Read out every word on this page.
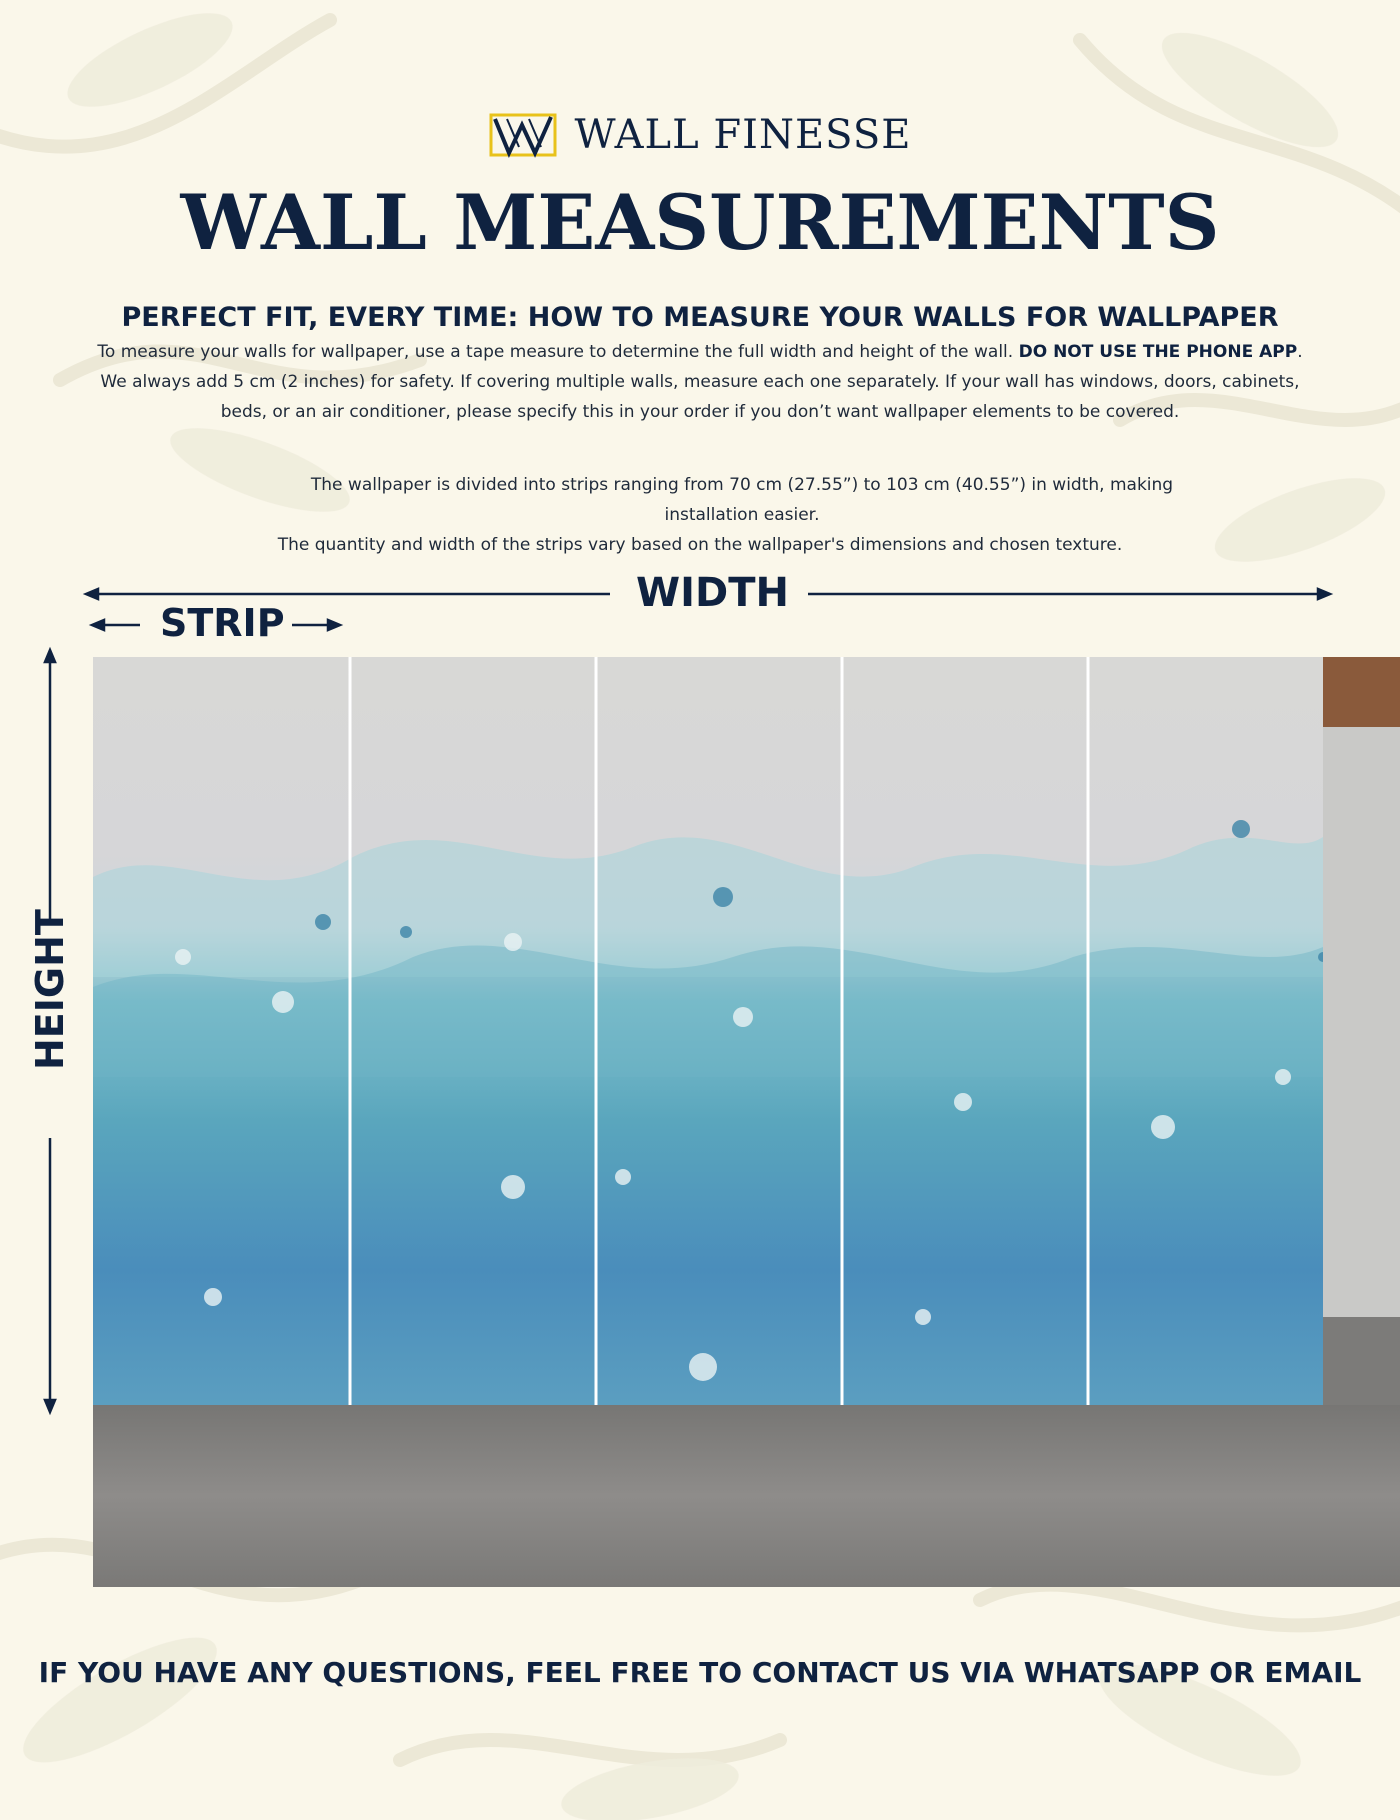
WALL FINESSE
WALL MEASUREMENTS
PERFECT FIT, EVERY TIME: HOW TO MEASURE YOUR WALLS FOR WALLPAPER
To measure your walls for wallpaper, use a tape measure to determine the full width and height of the wall. DO NOT USE THE PHONE APP. We always add 5 cm (2 inches) for safety. If covering multiple walls, measure each one separately. If your wall has windows, doors, cabinets, beds, or an air conditioner, please specify this in your order if you don’t want wallpaper elements to be covered.
The wallpaper is divided into strips ranging from 70 cm (27.55”) to 103 cm (40.55”) in width, making installation easier.
The quantity and width of the strips vary based on the wallpaper's dimensions and chosen texture.
WIDTH
STRIP
HEIGHT
IF YOU HAVE ANY QUESTIONS, FEEL FREE TO CONTACT US VIA WHATSAPP OR EMAIL
